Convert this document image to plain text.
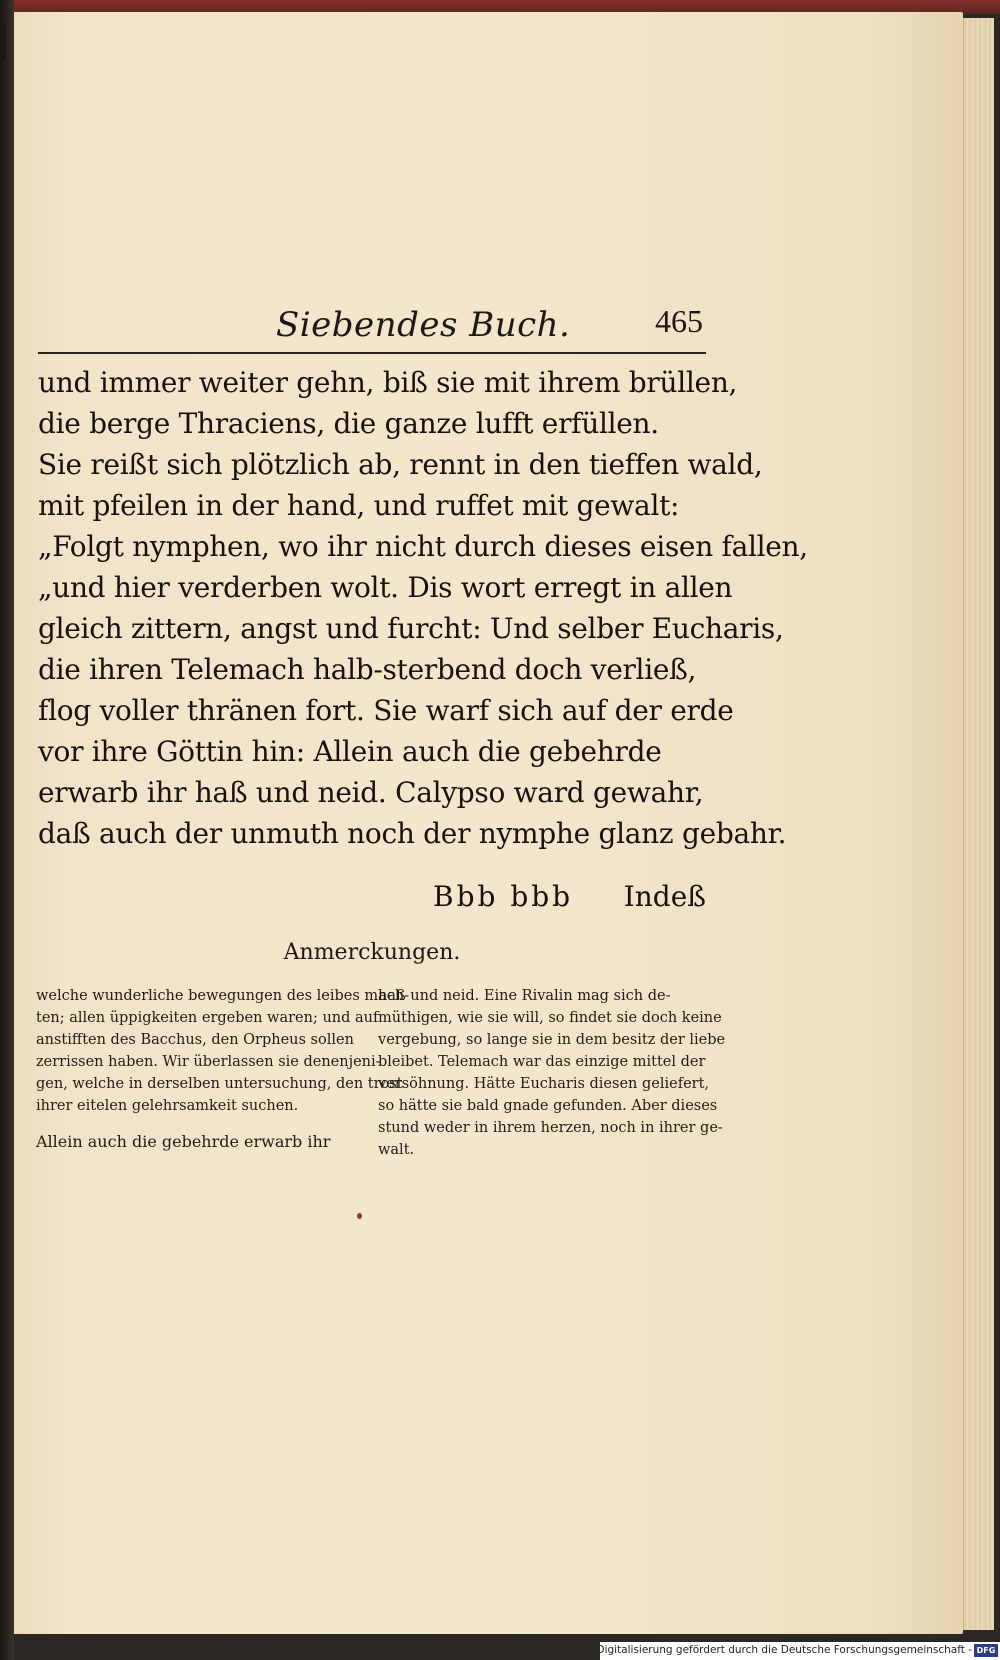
Siebendes Buch.	465
und immer weiter gehn, biß sie mit ihrem brüllen,
die berge Thraciens, die ganze lufft erfüllen.
Sie reißt sich plötzlich ab, rennt in den tieffen wald,
mit pfeilen in der hand, und ruffet mit gewalt:
„Folgt nymphen, wo ihr nicht durch dieses eisen fallen,
„und hier verderben wolt. Dis wort erregt in allen
gleich zittern, angst und furcht: Und selber Eucharis,
die ihren Telemach halb-sterbend doch verließ,
flog voller thränen fort. Sie warf sich auf der erde
vor ihre Göttin hin: Allein auch die gebehrde
erwarb ihr haß und neid. Calypso ward gewahr,
daß auch der unmuth noch der nymphe glanz gebahr.
Bbb bbb Indeß
Anmerckungen.
welche wunderliche bewegungen des leibes mach-
ten; allen üppigkeiten ergeben waren; und auf
anstifften des Bacchus, den Orpheus sollen
zerrissen haben. Wir überlassen sie denenjeni-
gen, welche in derselben untersuchung, den trost
ihrer eitelen gelehrsamkeit suchen.
Allein auch die gebehrde erwarb ihr
haß und neid. Eine Rivalin mag sich de-
müthigen, wie sie will, so findet sie doch keine
vergebung, so lange sie in dem besitz der liebe
bleibet. Telemach war das einzige mittel der
versöhnung. Hätte Eucharis diesen geliefert,
so hätte sie bald gnade gefunden. Aber dieses
stund weder in ihrem herzen, noch in ihrer ge-
walt.
Digitalisierung gefördert durch die Deutsche Forschungsgemeinschaft - DFG
